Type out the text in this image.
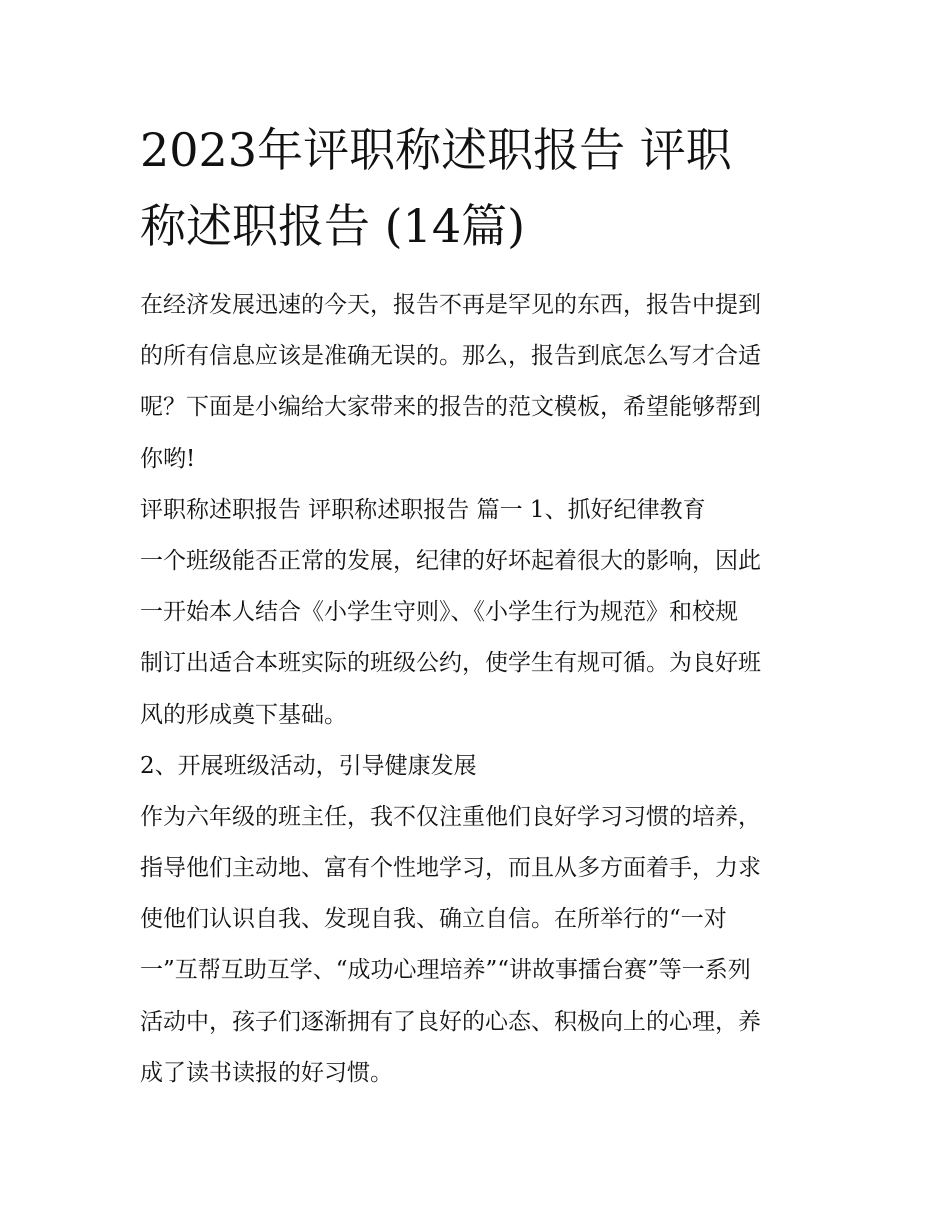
2023年评职称述职报告 评职
称述职报告 (14篇)
在经济发展迅速的今天，报告不再是罕见的东西，报告中提到
的所有信息应该是准确无误的。那么，报告到底怎么写才合适
呢？下面是小编给大家带来的报告的范文模板，希望能够帮到
你哟!
评职称述职报告 评职称述职报告 篇一 1、抓好纪律教育
一个班级能否正常的发展，纪律的好坏起着很大的影响，因此
一开始本人结合《小学生守则》、《小学生行为规范》和校规
制订出适合本班实际的班级公约，使学生有规可循。为良好班
风的形成奠下基础。
2、开展班级活动，引导健康发展
作为六年级的班主任，我不仅注重他们良好学习习惯的培养，
指导他们主动地、富有个性地学习，而且从多方面着手，力求
使他们认识自我、发现自我、确立自信。在所举行的“一对
一”互帮互助互学、“成功心理培养”“讲故事擂台赛”等一系列
活动中，孩子们逐渐拥有了良好的心态、积极向上的心理，养
成了读书读报的好习惯。
